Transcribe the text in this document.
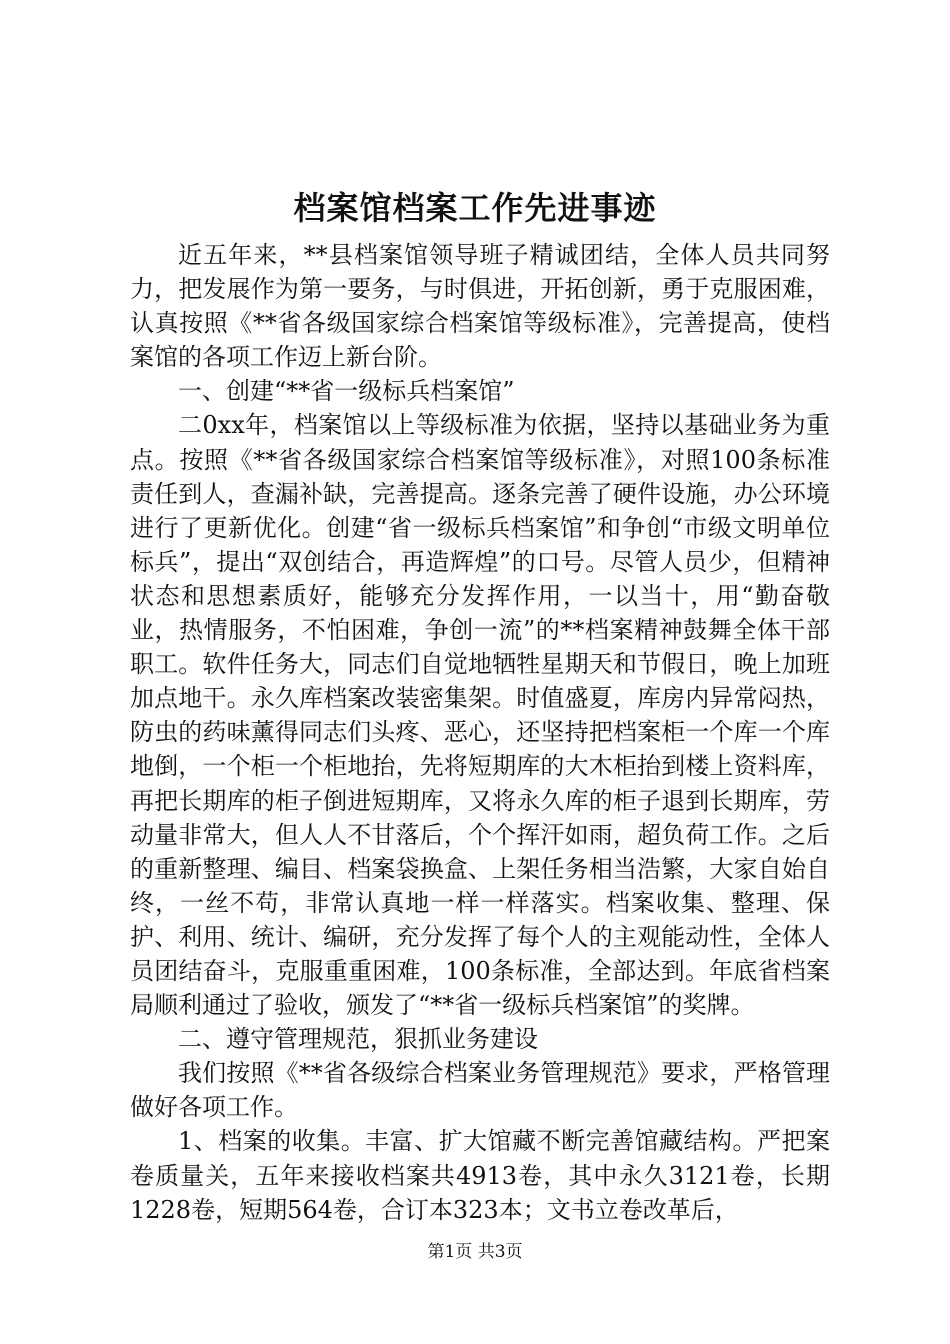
档案馆档案工作先进事迹

近五年来，**县档案馆领导班子精诚团结，全体人员共同努力，把发展作为第一要务，与时俱进，开拓创新，勇于克服困难，认真按照《**省各级国家综合档案馆等级标准》，完善提高，使档案馆的各项工作迈上新台阶。

一、创建“**省一级标兵档案馆”

二0xx年，档案馆以上等级标准为依据，坚持以基础业务为重点。按照《**省各级国家综合档案馆等级标准》，对照100条标准责任到人，查漏补缺，完善提高。逐条完善了硬件设施，办公环境进行了更新优化。创建“省一级标兵档案馆”和争创“市级文明单位标兵”，提出“双创结合，再造辉煌”的口号。尽管人员少，但精神状态和思想素质好，能够充分发挥作用，一以当十，用“勤奋敬业，热情服务，不怕困难，争创一流”的**档案精神鼓舞全体干部职工。软件任务大，同志们自觉地牺牲星期天和节假日，晚上加班加点地干。永久库档案改装密集架。时值盛夏，库房内异常闷热，防虫的药味薰得同志们头疼、恶心，还坚持把档案柜一个库一个库地倒，一个柜一个柜地抬，先将短期库的大木柜抬到楼上资料库，再把长期库的柜子倒进短期库，又将永久库的柜子退到长期库，劳动量非常大，但人人不甘落后，个个挥汗如雨，超负荷工作。之后的重新整理、编目、档案袋换盒、上架任务相当浩繁，大家自始自终，一丝不苟，非常认真地一样一样落实。档案收集、整理、保护、利用、统计、编研，充分发挥了每个人的主观能动性，全体人员团结奋斗，克服重重困难，100条标准，全部达到。年底省档案局顺利通过了验收，颁发了“**省一级标兵档案馆”的奖牌。

二、遵守管理规范，狠抓业务建设

我们按照《**省各级综合档案业务管理规范》要求，严格管理做好各项工作。

1、档案的收集。丰富、扩大馆藏不断完善馆藏结构。严把案卷质量关，五年来接收档案共4913卷，其中永久3121卷，长期1228卷，短期564卷，合订本323本；文书立卷改革后，

第1页 共3页
